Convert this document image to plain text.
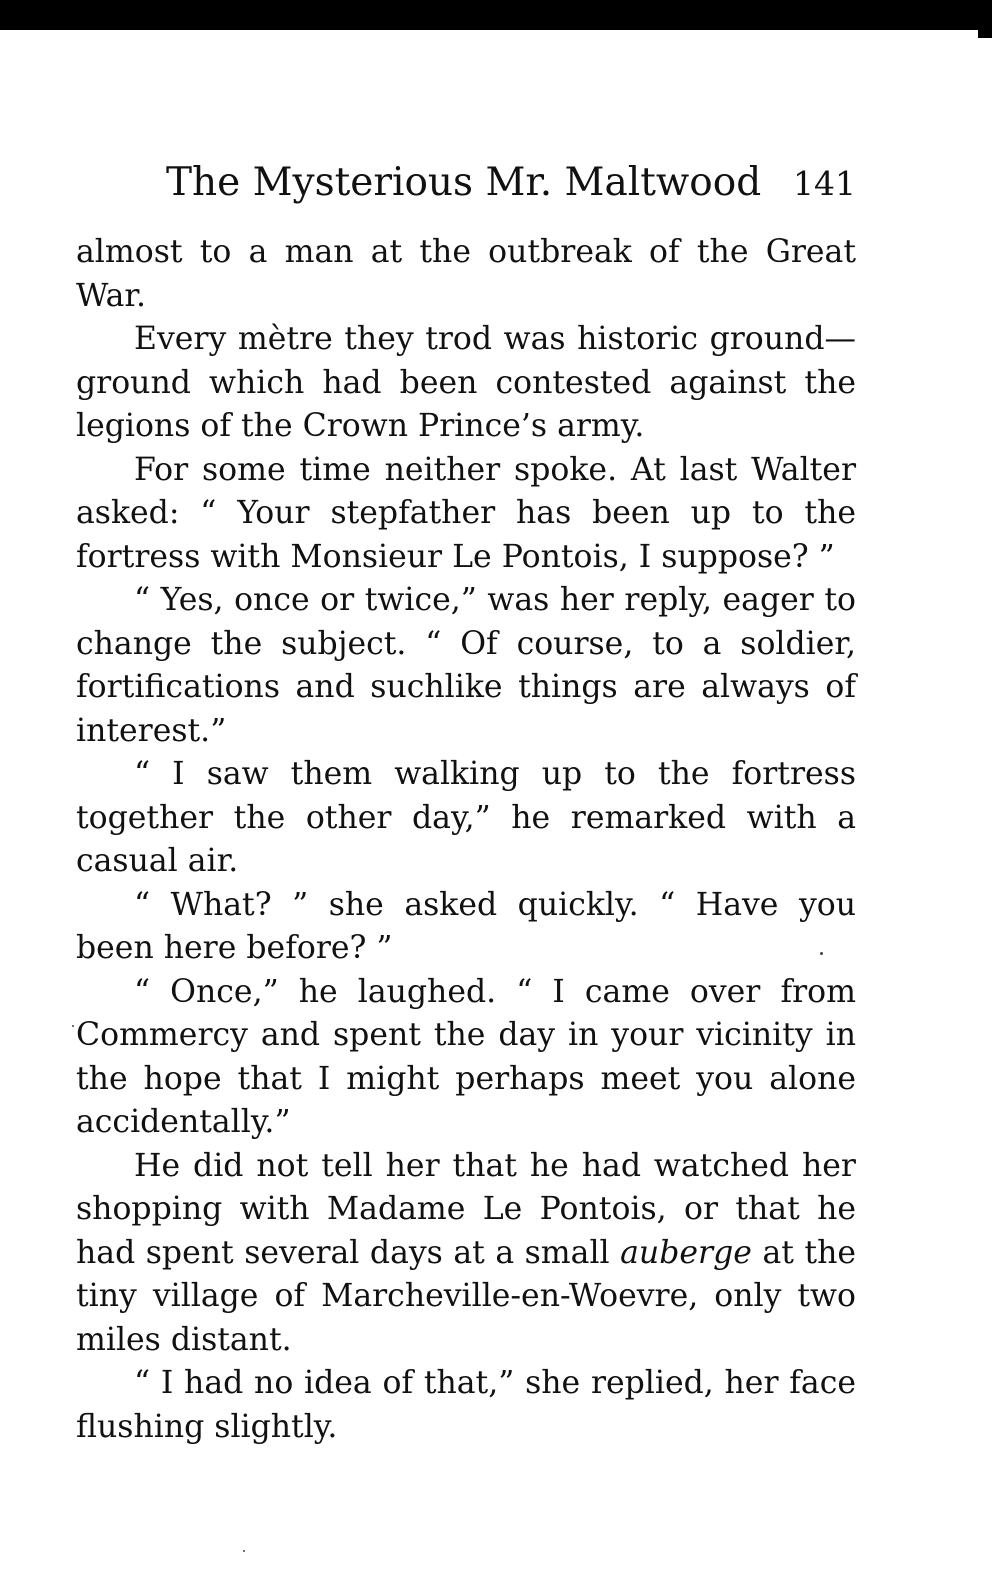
The Mysterious Mr. Maltwood 141

almost to a man at the outbreak of the Great War.

Every mètre they trod was historic ground—ground which had been contested against the legions of the Crown Prince’s army.

For some time neither spoke. At last Walter asked: “ Your stepfather has been up to the fortress with Monsieur Le Pontois, I suppose? ”

“ Yes, once or twice,” was her reply, eager to change the subject. “ Of course, to a soldier, fortifications and suchlike things are always of interest.”

“ I saw them walking up to the fortress together the other day,” he remarked with a casual air.

“ What? ” she asked quickly. “ Have you been here before? ”

“ Once,” he laughed. “ I came over from Commercy and spent the day in your vicinity in the hope that I might perhaps meet you alone accidentally.”

He did not tell her that he had watched her shopping with Madame Le Pontois, or that he had spent several days at a small auberge at the tiny village of Marcheville-en-Woevre, only two miles distant.

“ I had no idea of that,” she replied, her face flushing slightly.
